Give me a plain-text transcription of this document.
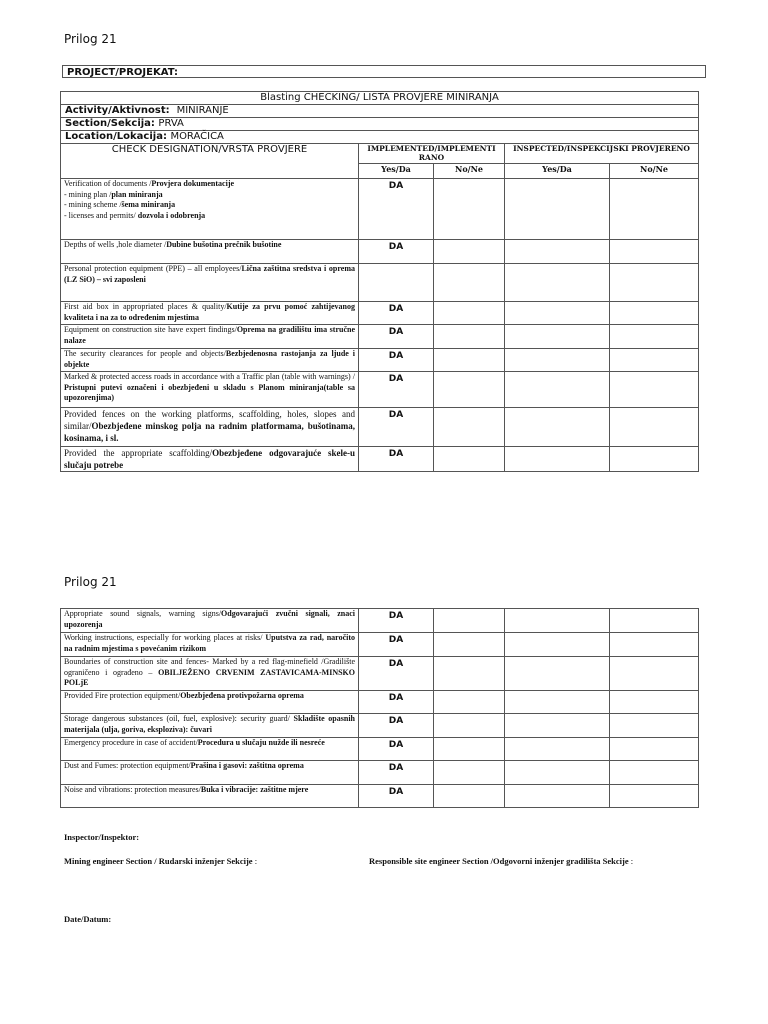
Prilog 21
PROJECT/PROJEKAT:
Blasting CHECKING/ LISTA PROVJERE MINIRANJA				
Activity/Aktivnost: MINIRANJE				
Section/Sekcija: PRVA				
Location/Lokacija: MORAČICA				
CHECK DESIGNATION/VRSTA PROVJERE	IMPLEMENTED/IMPLEMENTI RANO		INSPECTED/INSPEKCIJSKI PROVJERENO	
	Yes/Da	No/Ne	Yes/Da	No/Ne
Verification of documents /Provjera dokumentacije
- mining plan /plan miniranja
- mining scheme /šema miniranja
- licenses and permits/ dozvola i odobrenja	DA			
Depths of wells ,hole diameter /Dubine bušotina prečnik bušotine	DA			
Personal protection equipment (PPE) – all employees/Lična zaštitna sredstva i oprema (LZ SiO) – svi zaposleni				
First aid box in appropriated places & quality/Kutije za prvu pomoć zahtijevanog kvaliteta i na za to određenim mjestima	DA			
Equipment on construction site have expert findings/Oprema na gradilištu ima stručne nalaze	DA			
The security clearances for people and objects/Bezbjedenosna rastojanja za ljude i objekte	DA			
Marked & protected access roads in accordance with a Traffic plan (table with warnings) / Pristupni putevi označeni i obezbjeđeni u skladu s Planom miniranja(table sa upozorenjima)	DA			
Provided fences on the working platforms, scaffolding, holes, slopes and similar/Obezbjeđene minskog polja na radnim platformama, bušotinama, kosinama, i sl.	DA			
Provided the appropriate scaffolding/Obezbjeđene odgovarajuće skele-u slučaju potrebe	DA			
Prilog 21
Appropriate sound signals, warning signs/Odgovarajući zvučni signali, znaci upozorenja	DA			
Working instructions, especially for working places at risks/ Uputstva za rad, naročito na radnim mjestima s povećanim rizikom	DA			
Boundaries of construction site and fences- Marked by a red flag-minefield /Gradilište ograničeno i ograđeno – OBILJEŽENO CRVENIM ZASTAVICAMA-MINSKO POLjE	DA			
Provided Fire protection equipment/Obezbjeđena protivpožarna oprema	DA			
Storage dangerous substances (oil, fuel, explosive): security guard/ Skladište opasnih materijala (ulja, goriva, eksploziva): čuvari	DA			
Emergency procedure in case of accident/Procedura u slučaju nužde ili nesreće	DA			
Dust and Fumes: protection equipment/Prašina i gasovi: zaštitna oprema	DA			
Noise and vibrations: protection measures/Buka i vibracije: zaštitne mjere	DA			
Inspector/Inspektor:
Mining engineer Section / Rudarski inženjer Sekcije :	Responsible site engineer Section /Odgovorni inženjer gradilišta Sekcije :
Date/Datum:
